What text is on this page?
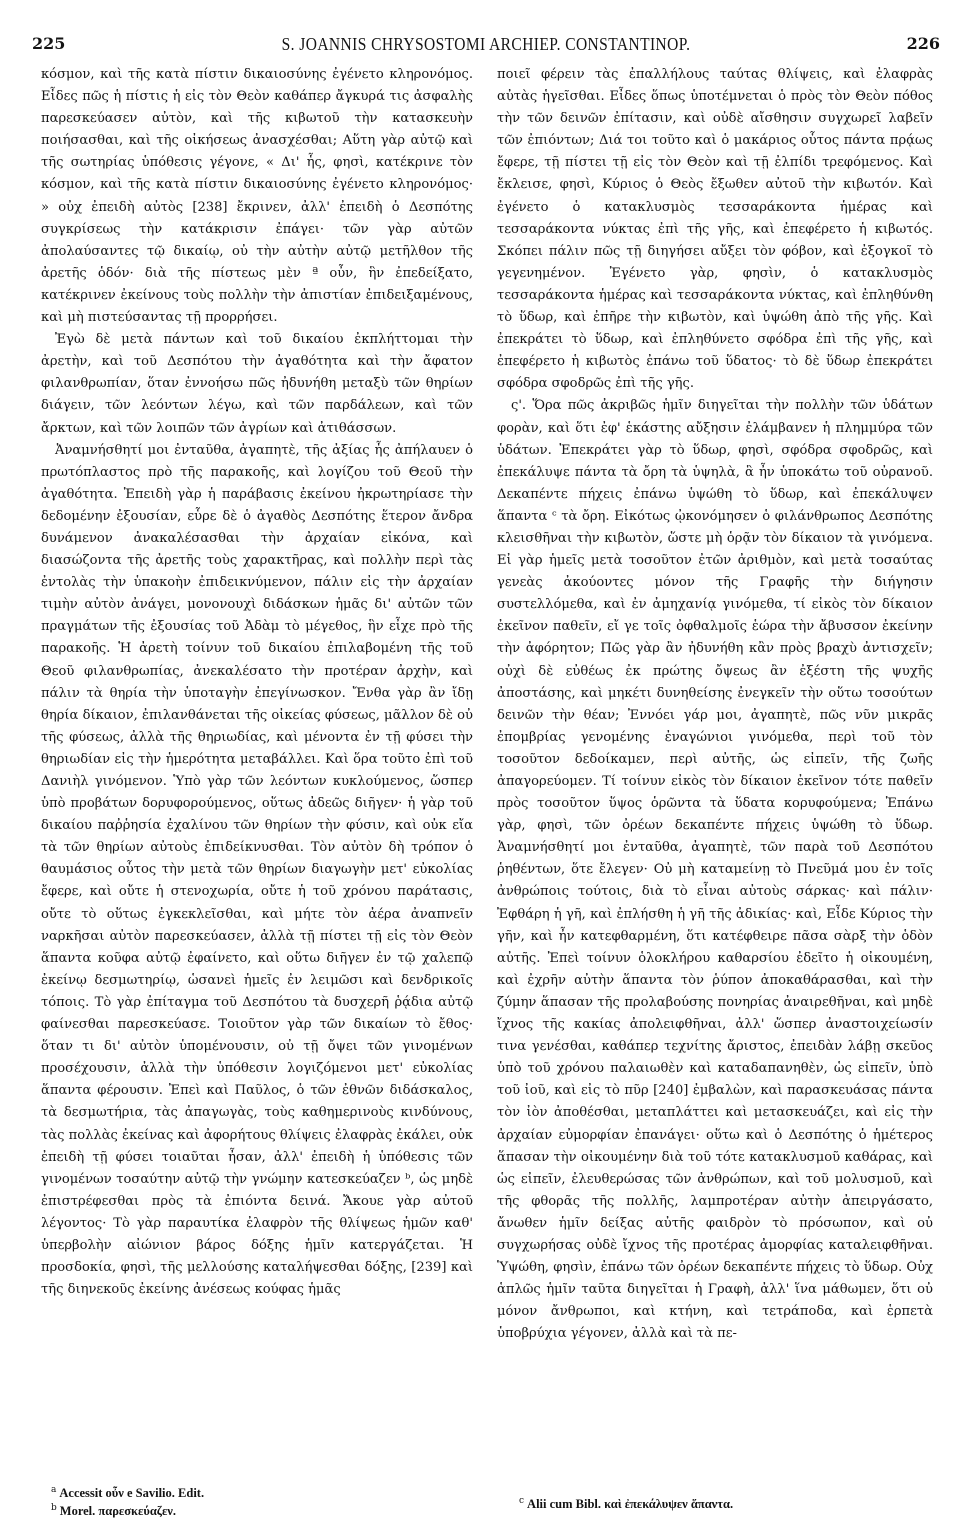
225	S. JOANNIS CHRYSOSTOMI ARCHIEP. CONSTANTINOP.	226

κόσμον, καὶ τῆς κατὰ πίστιν δικαιοσύνης ἐγένετο κληρονόμος. Εἶδες πῶς ἡ πίστις ἡ εἰς τὸν Θεὸν καθάπερ ἄγκυρά τις ἀσφαλὴς παρεσκεύασεν αὐτὸν, καὶ τῆς κιβωτοῦ τὴν κατασκευὴν ποιήσασθαι, καὶ τῆς οἰκήσεως ἀνασχέσθαι; Αὕτη γὰρ αὐτῷ καὶ τῆς σωτηρίας ὑπόθεσις γέγονε, « Δι' ἧς, φησὶ, κατέκρινε τὸν κόσμον, καὶ τῆς κατὰ πίστιν δικαιοσύνης ἐγένετο κληρονόμος· » οὐχ ἐπειδὴ αὐτὸς [238] ἔκρινεν, ἀλλ' ἐπειδὴ ὁ Δεσπότης συγκρίσεως τὴν κατάκρισιν ἐπάγει· τῶν γὰρ αὐτῶν ἀπολαύσαντες τῷ δικαίῳ, οὐ τὴν αὐτὴν αὐτῷ μετῆλθον τῆς ἀρετῆς ὁδόν· διὰ τῆς πίστεως μὲν ª οὖν, ἣν ἐπεδείξατο, κατέκρινεν ἐκείνους τοὺς πολλὴν τὴν ἀπιστίαν ἐπιδειξαμένους, καὶ μὴ πιστεύσαντας τῇ προρρήσει.

Ἐγὼ δὲ μετὰ πάντων καὶ τοῦ δικαίου ἐκπλήττομαι τὴν ἀρετὴν, καὶ τοῦ Δεσπότου τὴν ἀγαθότητα καὶ τὴν ἄφατον φιλανθρωπίαν, ὅταν ἐννοήσω πῶς ἠδυνήθη μεταξὺ τῶν θηρίων διάγειν, τῶν λεόντων λέγω, καὶ τῶν παρδάλεων, καὶ τῶν ἄρκτων, καὶ τῶν λοιπῶν τῶν ἀγρίων καὶ ἀτιθάσσων.

Ἀναμνήσθητί μοι ἐνταῦθα, ἀγαπητὲ, τῆς ἀξίας ἧς ἀπήλαυεν ὁ πρωτόπλαστος πρὸ τῆς παρακοῆς, καὶ λογίζου τοῦ Θεοῦ τὴν ἀγαθότητα. Ἐπειδὴ γὰρ ἡ παράβασις ἐκείνου ἠκρωτηρίασε τὴν δεδομένην ἐξουσίαν, εὗρε δὲ ὁ ἀγαθὸς Δεσπότης ἕτερον ἄνδρα δυνάμενον ἀνακαλέσασθαι τὴν ἀρχαίαν εἰκόνα, καὶ διασώζοντα τῆς ἀρετῆς τοὺς χαρακτῆρας, καὶ πολλὴν περὶ τὰς ἐντολὰς τὴν ὑπακοὴν ἐπιδεικνύμενον, πάλιν εἰς τὴν ἀρχαίαν τιμὴν αὐτὸν ἀνάγει, μονονουχὶ διδάσκων ἡμᾶς δι' αὐτῶν τῶν πραγμάτων τῆς ἐξουσίας τοῦ Ἀδὰμ τὸ μέγεθος, ἣν εἶχε πρὸ τῆς παρακοῆς. Ἡ ἀρετὴ τοίνυν τοῦ δικαίου ἐπιλαβομένη τῆς τοῦ Θεοῦ φιλανθρωπίας, ἀνεκαλέσατο τὴν προτέραν ἀρχὴν, καὶ πάλιν τὰ θηρία τὴν ὑποταγὴν ἐπεγίνωσκον. Ἔνθα γὰρ ἂν ἴδῃ θηρία δίκαιον, ἐπιλανθάνεται τῆς οἰκείας φύσεως, μᾶλλον δὲ οὐ τῆς φύσεως, ἀλλὰ τῆς θηριωδίας, καὶ μένοντα ἐν τῇ φύσει τὴν θηριωδίαν εἰς τὴν ἡμερότητα μεταβάλλει. Καὶ ὅρα τοῦτο ἐπὶ τοῦ Δανιὴλ γινόμενον. Ὑπὸ γὰρ τῶν λεόντων κυκλούμενος, ὥσπερ ὑπὸ προβάτων δορυφορούμενος, οὕτως ἀδεῶς διῆγεν· ἡ γὰρ τοῦ δικαίου παῤῥησία ἐχαλίνου τῶν θηρίων τὴν φύσιν, καὶ οὐκ εἴα τὰ τῶν θηρίων αὐτοὺς ἐπιδείκνυσθαι. Τὸν αὐτὸν δὴ τρόπον ὁ θαυμάσιος οὗτος τὴν μετὰ τῶν θηρίων διαγωγὴν μετ' εὐκολίας ἔφερε, καὶ οὔτε ἡ στενοχωρία, οὔτε ἡ τοῦ χρόνου παράτασις, οὔτε τὸ οὕτως ἐγκεκλεῖσθαι, καὶ μήτε τὸν ἀέρα ἀναπνεῖν ναρκῆσαι αὐτὸν παρεσκεύασεν, ἀλλὰ τῇ πίστει τῇ εἰς τὸν Θεὸν ἅπαντα κοῦφα αὐτῷ ἐφαίνετο, καὶ οὕτω διῆγεν ἐν τῷ χαλεπῷ ἐκείνῳ δεσμωτηρίῳ, ὡσανεὶ ἡμεῖς ἐν λειμῶσι καὶ δενδρικοῖς τόποις. Τὸ γὰρ ἐπίταγμα τοῦ Δεσπότου τὰ δυσχερῆ ῥᾴδια αὐτῷ φαίνεσθαι παρεσκεύασε. Τοιοῦτον γὰρ τῶν δικαίων τὸ ἔθος· ὅταν τι δι' αὐτὸν ὑπομένουσιν, οὐ τῇ ὄψει τῶν γινομένων προσέχουσιν, ἀλλὰ τὴν ὑπόθεσιν λογιζόμενοι μετ' εὐκολίας ἅπαντα φέρουσιν. Ἐπεὶ καὶ Παῦλος, ὁ τῶν ἐθνῶν διδάσκαλος, τὰ δεσμωτήρια, τὰς ἀπαγωγὰς, τοὺς καθημερινοὺς κινδύνους, τὰς πολλὰς ἐκείνας καὶ ἀφορήτους θλίψεις ἐλαφρὰς ἐκάλει, οὐκ ἐπειδὴ τῇ φύσει τοιαῦται ἦσαν, ἀλλ' ἐπειδὴ ἡ ὑπόθεσις τῶν γινομένων τοσαύτην αὐτῷ τὴν γνώμην κατεσκεύαζεν ᵇ, ὡς μηδὲ ἐπιστρέφεσθαι πρὸς τὰ ἐπιόντα δεινά. Ἄκουε γὰρ αὐτοῦ λέγοντος· Τὸ γὰρ παραυτίκα ἐλαφρὸν τῆς θλίψεως ἡμῶν καθ' ὑπερβολὴν αἰώνιον βάρος δόξης ἡμῖν κατεργάζεται. Ἡ προσδοκία, φησὶ, τῆς μελλούσης καταλήψεσθαι δόξης, [239] καὶ τῆς διηνεκοῦς ἐκείνης ἀνέσεως κούφας ἡμᾶς

ποιεῖ φέρειν τὰς ἐπαλλήλους ταύτας θλίψεις, καὶ ἐλαφρὰς αὐτὰς ἡγεῖσθαι. Εἶδες ὅπως ὑποτέμνεται ὁ πρὸς τὸν Θεὸν πόθος τὴν τῶν δεινῶν ἐπίτασιν, καὶ οὐδὲ αἴσθησιν συγχωρεῖ λαβεῖν τῶν ἐπιόντων; Διά τοι τοῦτο καὶ ὁ μακάριος οὗτος πάντα πρᾴως ἔφερε, τῇ πίστει τῇ εἰς τὸν Θεὸν καὶ τῇ ἐλπίδι τρεφόμενος. Καὶ ἔκλεισε, φησὶ, Κύριος ὁ Θεὸς ἔξωθεν αὐτοῦ τὴν κιβωτόν. Καὶ ἐγένετο ὁ κατακλυσμὸς τεσσαράκοντα ἡμέρας καὶ τεσσαράκοντα νύκτας ἐπὶ τῆς γῆς, καὶ ἐπεφέρετο ἡ κιβωτός. Σκόπει πάλιν πῶς τῇ διηγήσει αὔξει τὸν φόβον, καὶ ἐξογκοῖ τὸ γεγενημένον. Ἐγένετο γὰρ, φησὶν, ὁ κατακλυσμὸς τεσσαράκοντα ἡμέρας καὶ τεσσαράκοντα νύκτας, καὶ ἐπληθύνθη τὸ ὕδωρ, καὶ ἐπῆρε τὴν κιβωτὸν, καὶ ὑψώθη ἀπὸ τῆς γῆς. Καὶ ἐπεκράτει τὸ ὕδωρ, καὶ ἐπληθύνετο σφόδρα ἐπὶ τῆς γῆς, καὶ ἐπεφέρετο ἡ κιβωτὸς ἐπάνω τοῦ ὕδατος· τὸ δὲ ὕδωρ ἐπεκράτει σφόδρα σφοδρῶς ἐπὶ τῆς γῆς.

ς'. Ὅρα πῶς ἀκριβῶς ἡμῖν διηγεῖται τὴν πολλὴν τῶν ὑδάτων φορὰν, καὶ ὅτι ἐφ' ἑκάστης αὔξησιν ἐλάμβανεν ἡ πλημμύρα τῶν ὑδάτων. Ἐπεκράτει γὰρ τὸ ὕδωρ, φησὶ, σφόδρα σφοδρῶς, καὶ ἐπεκάλυψε πάντα τὰ ὄρη τὰ ὑψηλὰ, ἃ ἦν ὑποκάτω τοῦ οὐρανοῦ. Δεκαπέντε πήχεις ἐπάνω ὑψώθη τὸ ὕδωρ, καὶ ἐπεκάλυψεν ἅπαντα ᶜ τὰ ὄρη. Εἰκότως ᾠκονόμησεν ὁ φιλάνθρωπος Δεσπότης κλεισθῆναι τὴν κιβωτὸν, ὥστε μὴ ὁρᾷν τὸν δίκαιον τὰ γινόμενα. Εἰ γὰρ ἡμεῖς μετὰ τοσοῦτον ἐτῶν ἀριθμὸν, καὶ μετὰ τοσαύτας γενεὰς ἀκούοντες μόνον τῆς Γραφῆς τὴν διήγησιν συστελλόμεθα, καὶ ἐν ἀμηχανίᾳ γινόμεθα, τί εἰκὸς τὸν δίκαιον ἐκεῖνον παθεῖν, εἴ γε τοῖς ὀφθαλμοῖς ἑώρα τὴν ἄβυσσον ἐκείνην τὴν ἀφόρητον; Πῶς γὰρ ἂν ἠδυνήθη κἂν πρὸς βραχὺ ἀντισχεῖν; οὐχὶ δὲ εὐθέως ἐκ πρώτης ὄψεως ἂν ἐξέστη τῆς ψυχῆς ἀποστάσης, καὶ μηκέτι δυνηθείσης ἐνεγκεῖν τὴν οὕτω τοσούτων δεινῶν τὴν θέαν; Ἐννόει γάρ μοι, ἀγαπητὲ, πῶς νῦν μικρᾶς ἐπομβρίας γενομένης ἐναγώνιοι γινόμεθα, περὶ τοῦ τὸν τοσοῦτον δεδοίκαμεν, περὶ αὐτῆς, ὡς εἰπεῖν, τῆς ζωῆς ἀπαγορεύομεν. Τί τοίνυν εἰκὸς τὸν δίκαιον ἐκεῖνον τότε παθεῖν πρὸς τοσοῦτον ὕψος ὁρῶντα τὰ ὕδατα κορυφούμενα; Ἐπάνω γὰρ, φησὶ, τῶν ὀρέων δεκαπέντε πήχεις ὑψώθη τὸ ὕδωρ. Ἀναμνήσθητί μοι ἐνταῦθα, ἀγαπητὲ, τῶν παρὰ τοῦ Δεσπότου ῥηθέντων, ὅτε ἔλεγεν· Οὐ μὴ καταμείνῃ τὸ Πνεῦμά μου ἐν τοῖς ἀνθρώποις τούτοις, διὰ τὸ εἶναι αὐτοὺς σάρκας· καὶ πάλιν· Ἐφθάρη ἡ γῆ, καὶ ἐπλήσθη ἡ γῆ τῆς ἀδικίας· καὶ, Εἶδε Κύριος τὴν γῆν, καὶ ἦν κατεφθαρμένη, ὅτι κατέφθειρε πᾶσα σὰρξ τὴν ὁδὸν αὐτῆς. Ἐπεὶ τοίνυν ὁλοκλήρου καθαρσίου ἐδεῖτο ἡ οἰκουμένη, καὶ ἐχρῆν αὐτὴν ἅπαντα τὸν ῥύπον ἀποκαθάρασθαι, καὶ τὴν ζύμην ἅπασαν τῆς προλαβούσης πονηρίας ἀναιρεθῆναι, καὶ μηδὲ ἴχνος τῆς κακίας ἀπολειφθῆναι, ἀλλ' ὥσπερ ἀναστοιχείωσίν τινα γενέσθαι, καθάπερ τεχνίτης ἄριστος, ἐπειδὰν λάβῃ σκεῦος ὑπὸ τοῦ χρόνου παλαιωθὲν καὶ καταδαπανηθὲν, ὡς εἰπεῖν, ὑπὸ τοῦ ἰοῦ, καὶ εἰς τὸ πῦρ [240] ἐμβαλὼν, καὶ παρασκευάσας πάντα τὸν ἰὸν ἀποθέσθαι, μεταπλάττει καὶ μετασκευάζει, καὶ εἰς τὴν ἀρχαίαν εὐμορφίαν ἐπανάγει· οὕτω καὶ ὁ Δεσπότης ὁ ἡμέτερος ἅπασαν τὴν οἰκουμένην διὰ τοῦ τότε κατακλυσμοῦ καθάρας, καὶ ὡς εἰπεῖν, ἐλευθερώσας τῶν ἀνθρώπων, καὶ τοῦ μολυσμοῦ, καὶ τῆς φθορᾶς τῆς πολλῆς, λαμπροτέραν αὐτὴν ἀπειργάσατο, ἄνωθεν ἡμῖν δείξας αὐτῆς φαιδρὸν τὸ πρόσωπον, καὶ οὐ συγχωρήσας οὐδὲ ἴχνος τῆς προτέρας ἀμορφίας καταλειφθῆναι. Ὑψώθη, φησὶν, ἐπάνω τῶν ὀρέων δεκαπέντε πήχεις τὸ ὕδωρ. Οὐχ ἁπλῶς ἡμῖν ταῦτα διηγεῖται ἡ Γραφὴ, ἀλλ' ἵνα μάθωμεν, ὅτι οὐ μόνον ἄνθρωποι, καὶ κτήνη, καὶ τετράποδα, καὶ ἑρπετὰ ὑποβρύχια γέγονεν, ἀλλὰ καὶ τὰ πε-

$^a$ Accessit οὖν e Savilio. Edit.
$^b$ Morel. παρεσκεύαζεν.
$^c$ Alii cum Bibl. καὶ ἐπεκάλυψεν ἅπαντα.
